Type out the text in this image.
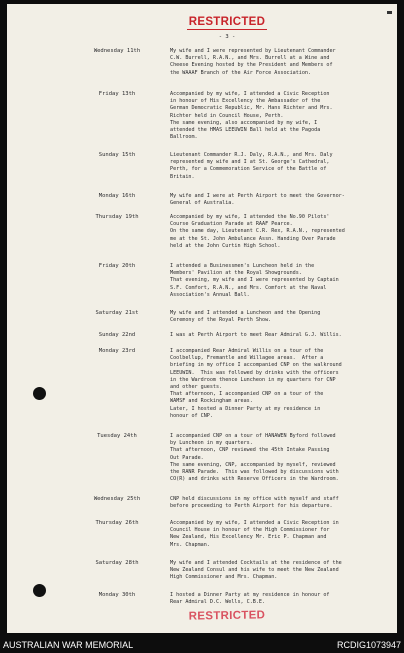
RESTRICTED
- 3 -
Wednesday 11th	My wife and I were represented by Lieutenant Commander
C.W. Burrell, R.A.N., and Mrs. Burrell at a Wine and
Cheese Evening hosted by the President and Members of
the WAAAF Branch of the Air Force Association.
Friday 13th	Accompanied by my wife, I attended a Civic Reception
in honour of His Excellency the Ambassador of the
German Democratic Republic, Mr. Hans Richter and Mrs.
Richter held in Council House, Perth.
The same evening, also accompanied by my wife, I
attended the HMAS LEEUWIN Ball held at the Pagoda
Ballroom.
Sunday 15th	Lieutenant Commander R.J. Daly, R.A.N., and Mrs. Daly
represented my wife and I at St. George's Cathedral,
Perth, for a Commemoration Service of the Battle of
Britain.
Monday 16th	My wife and I were at Perth Airport to meet the Governor-
General of Australia.
Thursday 19th	Accompanied by my wife, I attended the No.90 Pilots'
Course Graduation Parade at RAAF Pearce.
On the same day, Lieutenant C.R. Rex, R.A.N., represented
me at the St. John Ambulance Assn. Handing Over Parade
held at the John Curtin High School.
Friday 20th	I attended a Businessmen's Luncheon held in the
Members' Pavilion at the Royal Showgrounds.
That evening, my wife and I were represented by Captain
S.F. Comfort, R.A.N., and Mrs. Comfort at the Naval
Association's Annual Ball.
Saturday 21st	My wife and I attended a Luncheon and the Opening
Ceremony of the Royal Perth Show.
Sunday 22nd	I was at Perth Airport to meet Rear Admiral G.J. Willis.
Monday 23rd	I accompanied Rear Admiral Willis on a tour of the
Coolbellup, Fremantle and Willagee areas.  After a
briefing in my office I accompanied CNP on the walkround
LEEUWIN.  This was followed by drinks with the officers
in the Wardroom thence Luncheon in my quarters for CNP
and other guests.
That afternoon, I accompanied CNP on a tour of the
WAMSF and Rockingham areas.
Later, I hosted a Dinner Party at my residence in
honour of CNP.
Tuesday 24th	I accompanied CNP on a tour of HANAWEN Byford followed
by Luncheon in my quarters.
That afternoon, CNP reviewed the 45th Intake Passing
Out Parade.
The same evening, CNP, accompanied by myself, reviewed
the RANR Parade.  This was followed by discussions with
CO(R) and drinks with Reserve Officers in the Wardroom.
Wednesday 25th	CNP held discussions in my office with myself and staff
before proceeding to Perth Airport for his departure.
Thursday 26th	Accompanied by my wife, I attended a Civic Reception in
Council House in honour of the High Commissioner for
New Zealand, His Excellency Mr. Eric P. Chapman and
Mrs. Chapman.
Saturday 28th	My wife and I attended Cocktails at the residence of the
New Zealand Consul and his wife to meet the New Zealand
High Commissioner and Mrs. Chapman.
Monday 30th	I hosted a Dinner Party at my residence in honour of
Rear Admiral D.C. Wells, C.B.E.
RESTRICTED
AUSTRALIAN WAR MEMORIAL	RCDIG1073947
